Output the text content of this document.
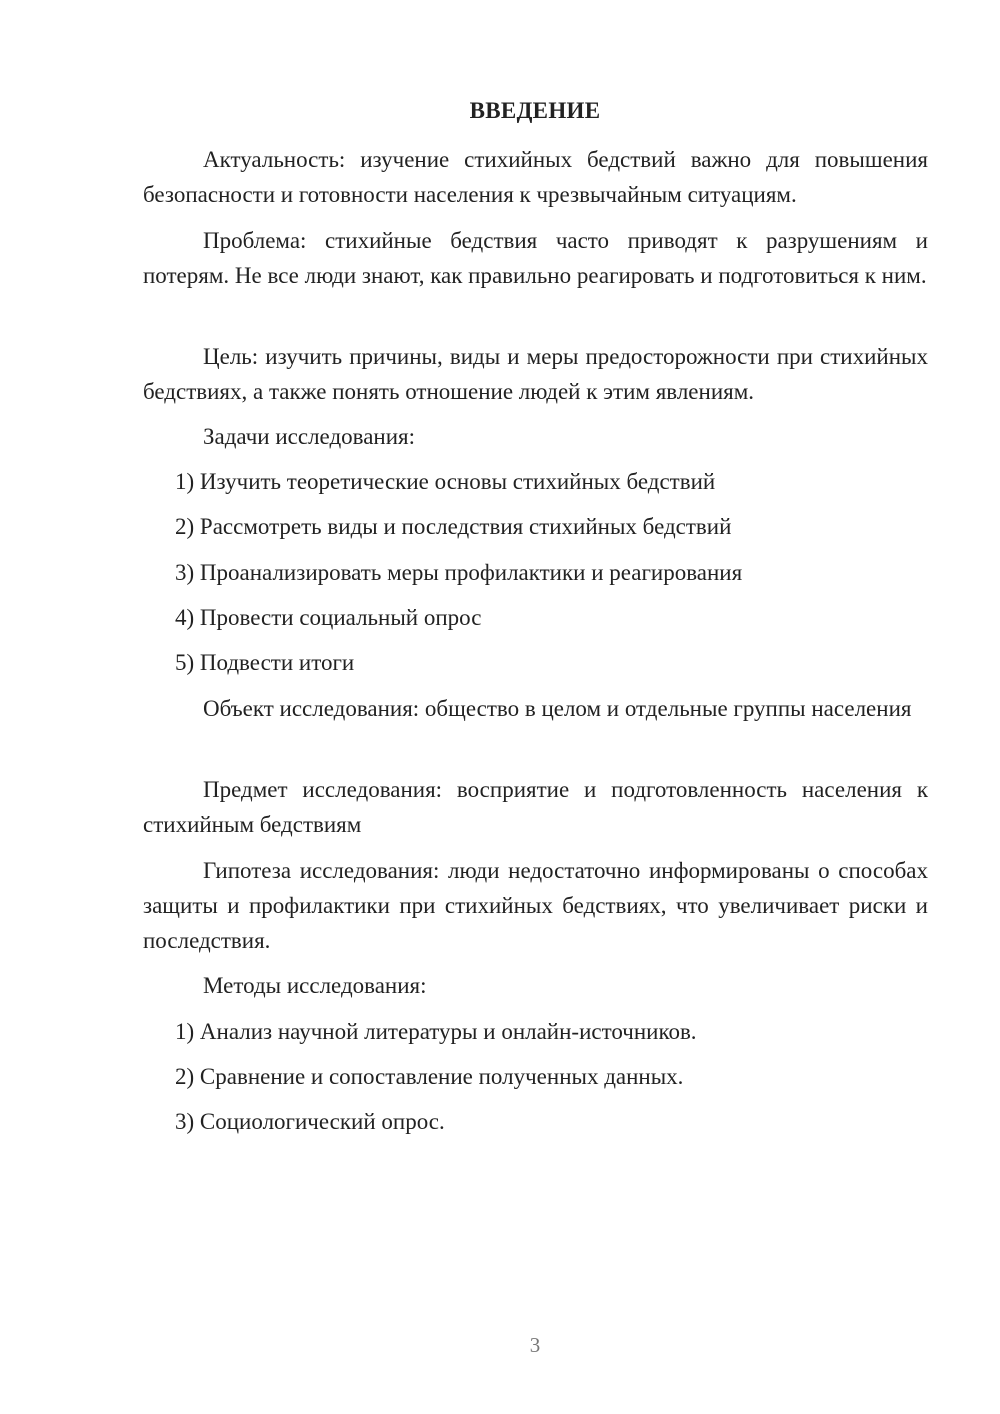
ВВЕДЕНИЕ

Актуальность: изучение стихийных бедствий важно для повышения безопасности и готовности населения к чрезвычайным ситуациям.

Проблема: стихийные бедствия часто приводят к разрушениям и потерям. Не все люди знают, как правильно реагировать и подготовиться к ним.

Цель: изучить причины, виды и меры предосторожности при стихийных бедствиях, а также понять отношение людей к этим явлениям.

Задачи исследования:

1) Изучить теоретические основы стихийных бедствий

2) Рассмотреть виды и последствия стихийных бедствий

3) Проанализировать меры профилактики и реагирования

4) Провести социальный опрос

5) Подвести итоги

Объект исследования: общество в целом и отдельные группы населения

Предмет исследования: восприятие и подготовленность населения к стихийным бедствиям

Гипотеза исследования: люди недостаточно информированы о способах защиты и профилактики при стихийных бедствиях, что увеличивает риски и последствия.

Методы исследования:

1) Анализ научной литературы и онлайн-источников.

2) Сравнение и сопоставление полученных данных.

3) Социологический опрос.

3
